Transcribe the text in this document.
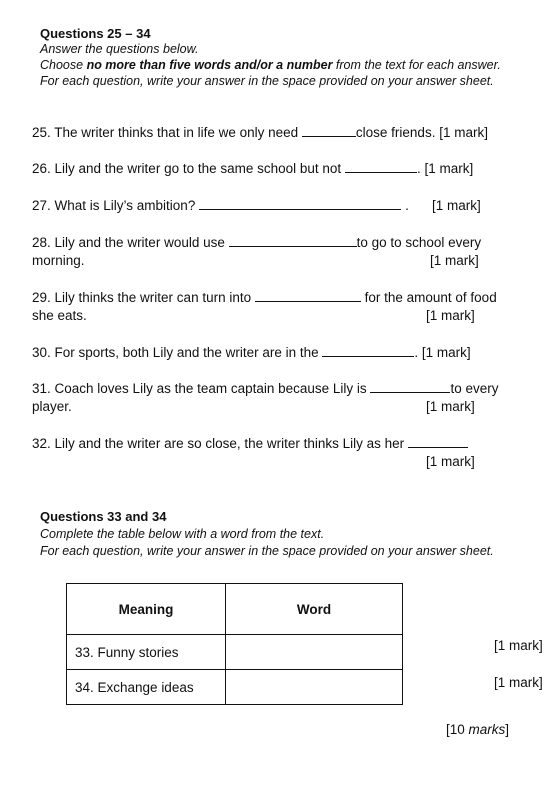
Questions 25 – 34
Answer the questions below.
Choose no more than five words and/or a number from the text for each answer.
For each question, write your answer in the space provided on your answer sheet.
25. The writer thinks that in life we only need	close friends. [1 mark]
26. Lily and the writer go to the same school but not	. [1 mark]
27. What is Lily’s ambition?	. [1 mark]
28. Lily and the writer would use	to go to school every
morning.	[1 mark]
29. Lily thinks the writer can turn into	for the amount of food
she eats.	[1 mark]
30. For sports, both Lily and the writer are in the	. [1 mark]
31. Coach loves Lily as the team captain because Lily is	to every
player.	[1 mark]
32. Lily and the writer are so close, the writer thinks Lily as her
[1 mark]
Questions 33 and 34
Complete the table below with a word from the text.
For each question, write your answer in the space provided on your answer sheet.
Meaning	Word
33. Funny stories	
34. Exchange ideas	
[1 mark]
[1 mark]
[10 marks]
